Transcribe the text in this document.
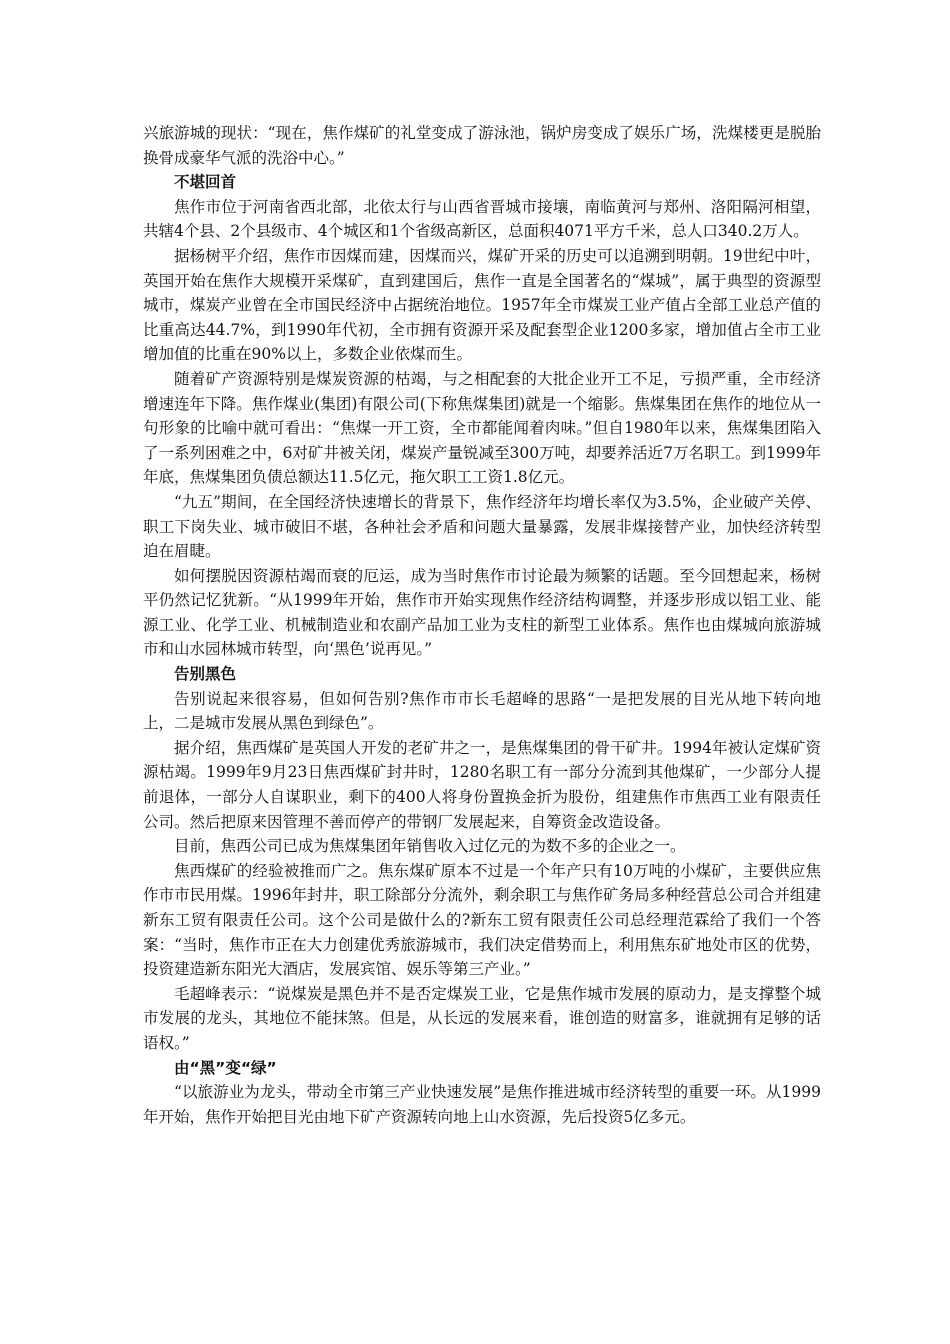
兴旅游城的现状：“现在，焦作煤矿的礼堂变成了游泳池，锅炉房变成了娱乐广场，洗煤楼更是脱胎换骨成豪华气派的洗浴中心。”

不堪回首

焦作市位于河南省西北部，北依太行与山西省晋城市接壤，南临黄河与郑州、洛阳隔河相望，共辖4个县、2个县级市、4个城区和1个省级高新区，总面积4071平方千米，总人口340.2万人。

据杨树平介绍，焦作市因煤而建，因煤而兴，煤矿开采的历史可以追溯到明朝。19世纪中叶，英国开始在焦作大规模开采煤矿，直到建国后，焦作一直是全国著名的“煤城”，属于典型的资源型城市，煤炭产业曾在全市国民经济中占据统治地位。1957年全市煤炭工业产值占全部工业总产值的比重高达44.7%，到1990年代初，全市拥有资源开采及配套型企业1200多家，增加值占全市工业增加值的比重在90%以上，多数企业依煤而生。

随着矿产资源特别是煤炭资源的枯竭，与之相配套的大批企业开工不足，亏损严重，全市经济增速连年下降。焦作煤业(集团)有限公司(下称焦煤集团)就是一个缩影。焦煤集团在焦作的地位从一句形象的比喻中就可看出：“焦煤一开工资，全市都能闻着肉味。”但自1980年以来，焦煤集团陷入了一系列困难之中，6对矿井被关闭，煤炭产量锐减至300万吨，却要养活近7万名职工。到1999年年底，焦煤集团负债总额达11.5亿元，拖欠职工工资1.8亿元。

“九五”期间，在全国经济快速增长的背景下，焦作经济年均增长率仅为3.5%，企业破产关停、职工下岗失业、城市破旧不堪，各种社会矛盾和问题大量暴露，发展非煤接替产业，加快经济转型迫在眉睫。

如何摆脱因资源枯竭而衰的厄运，成为当时焦作市讨论最为频繁的话题。至今回想起来，杨树平仍然记忆犹新。“从1999年开始，焦作市开始实现焦作经济结构调整，并逐步形成以铝工业、能源工业、化学工业、机械制造业和农副产品加工业为支柱的新型工业体系。焦作也由煤城向旅游城市和山水园林城市转型，向‘黑色’说再见。”

告别黑色

告别说起来很容易，但如何告别?焦作市市长毛超峰的思路“一是把发展的目光从地下转向地上，二是城市发展从黑色到绿色”。

据介绍，焦西煤矿是英国人开发的老矿井之一，是焦煤集团的骨干矿井。1994年被认定煤矿资源枯竭。1999年9月23日焦西煤矿封井时，1280名职工有一部分分流到其他煤矿，一少部分人提前退体，一部分人自谋职业，剩下的400人将身份置换金折为股份，组建焦作市焦西工业有限责任公司。然后把原来因管理不善而停产的带钢厂发展起来，自筹资金改造设备。

目前，焦西公司已成为焦煤集团年销售收入过亿元的为数不多的企业之一。

焦西煤矿的经验被推而广之。焦东煤矿原本不过是一个年产只有10万吨的小煤矿，主要供应焦作市市民用煤。1996年封井，职工除部分分流外，剩余职工与焦作矿务局多种经营总公司合并组建新东工贸有限责任公司。这个公司是做什么的?新东工贸有限责任公司总经理范霖给了我们一个答案：“当时，焦作市正在大力创建优秀旅游城市，我们决定借势而上，利用焦东矿地处市区的优势，投资建造新东阳光大酒店，发展宾馆、娱乐等第三产业。”

毛超峰表示：“说煤炭是黑色并不是否定煤炭工业，它是焦作城市发展的原动力，是支撑整个城市发展的龙头，其地位不能抹煞。但是，从长远的发展来看，谁创造的财富多，谁就拥有足够的话语权。”

由“黑”变“绿”

“以旅游业为龙头，带动全市第三产业快速发展”是焦作推进城市经济转型的重要一环。从1999年开始，焦作开始把目光由地下矿产资源转向地上山水资源，先后投资5亿多元。
